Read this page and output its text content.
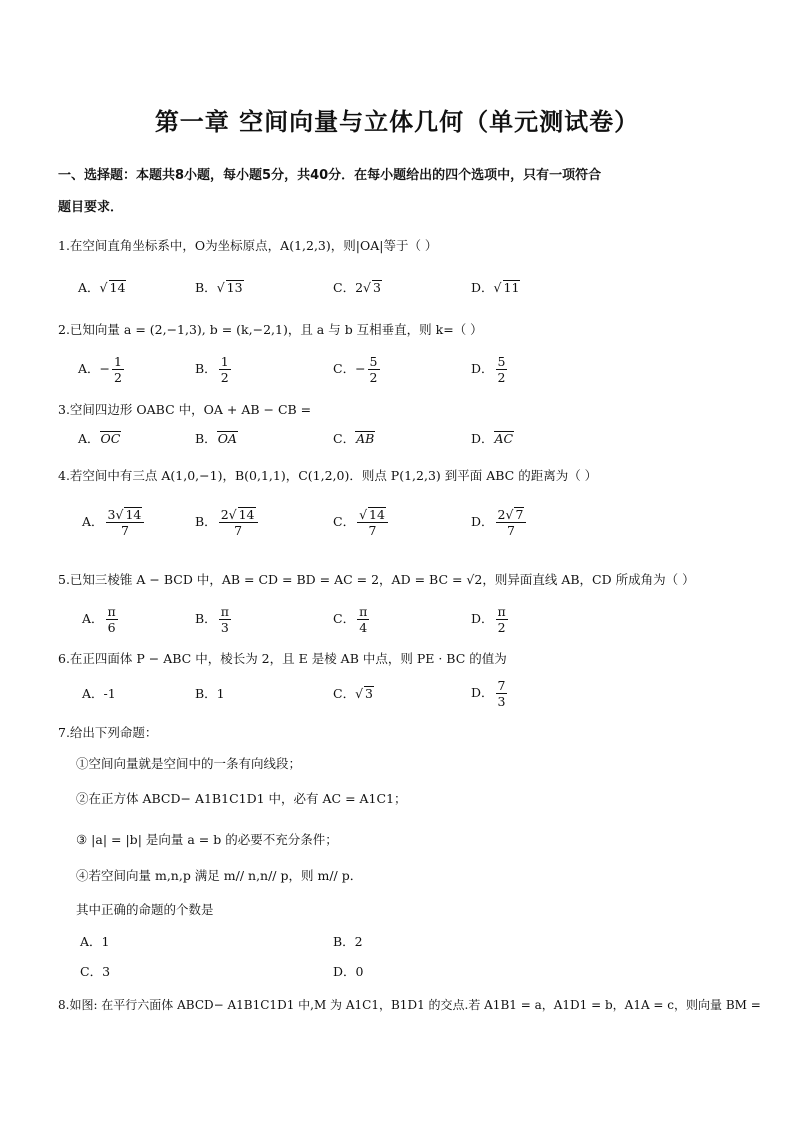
第一章 空间向量与立体几何（单元测试卷）
一、选择题：本题共8小题，每小题5分，共40分．在每小题给出的四个选项中，只有一项符合
题目要求．
1.在空间直角坐标系中，O为坐标原点，A(1,2,3)，则|OA|等于（ ）
A．√ 14	B．√ 13	C．2√ 3	D．√ 11
2.已知向量 a = (2,−1,3), b = (k,−2,1)，且 a 与 b 互相垂直，则 k=（ ）
A．− $\frac{1}{2}$	B． $\frac{1}{2}$	C．− $\frac{5}{2}$	D． $\frac{5}{2}$
3.空间四边形 OABC 中，OA + AB − CB =
A．OC	B．OA	C．AB	D．AC
4.若空间中有三点 A(1,0,−1)，B(0,1,1)，C(1,2,0)．则点 P(1,2,3) 到平面 ABC 的距离为（ ）
A． $\frac{3√ 14}{7}$	B． $\frac{2√ 14}{7}$	C． $\frac{√ 14}{7}$	D． $\frac{2√ 7}{7}$
5.已知三棱锥 A − BCD 中，AB = CD = BD = AC = 2，AD = BC = √2，则异面直线 AB，CD 所成角为（ ）
A． $\frac{\pi}{6}$	B． $\frac{\pi}{3}$	C． $\frac{\pi}{4}$	D． $\frac{\pi}{2}$
6.在正四面体 P − ABC 中，棱长为 2，且 E 是棱 AB 中点，则 PE · BC 的值为
A．-1	B．1	C．√ 3	D． $\frac{7}{3}$
7.给出下列命题：
①空间向量就是空间中的一条有向线段；
②在正方体 ABCD− A1B1C1D1 中，必有 AC = A1C1；
③ |a| = |b| 是向量 a = b 的必要不充分条件；
④若空间向量 m,n,p 满足 m// n,n// p，则 m// p．
其中正确的命题的个数是
A．1	B．2
C．3	D．0
8.如图: 在平行六面体 ABCD− A1B1C1D1 中,M 为 A1C1，B1D1 的交点.若 A1B1 = a，A1D1 = b，A1A = c，则向量 BM =
